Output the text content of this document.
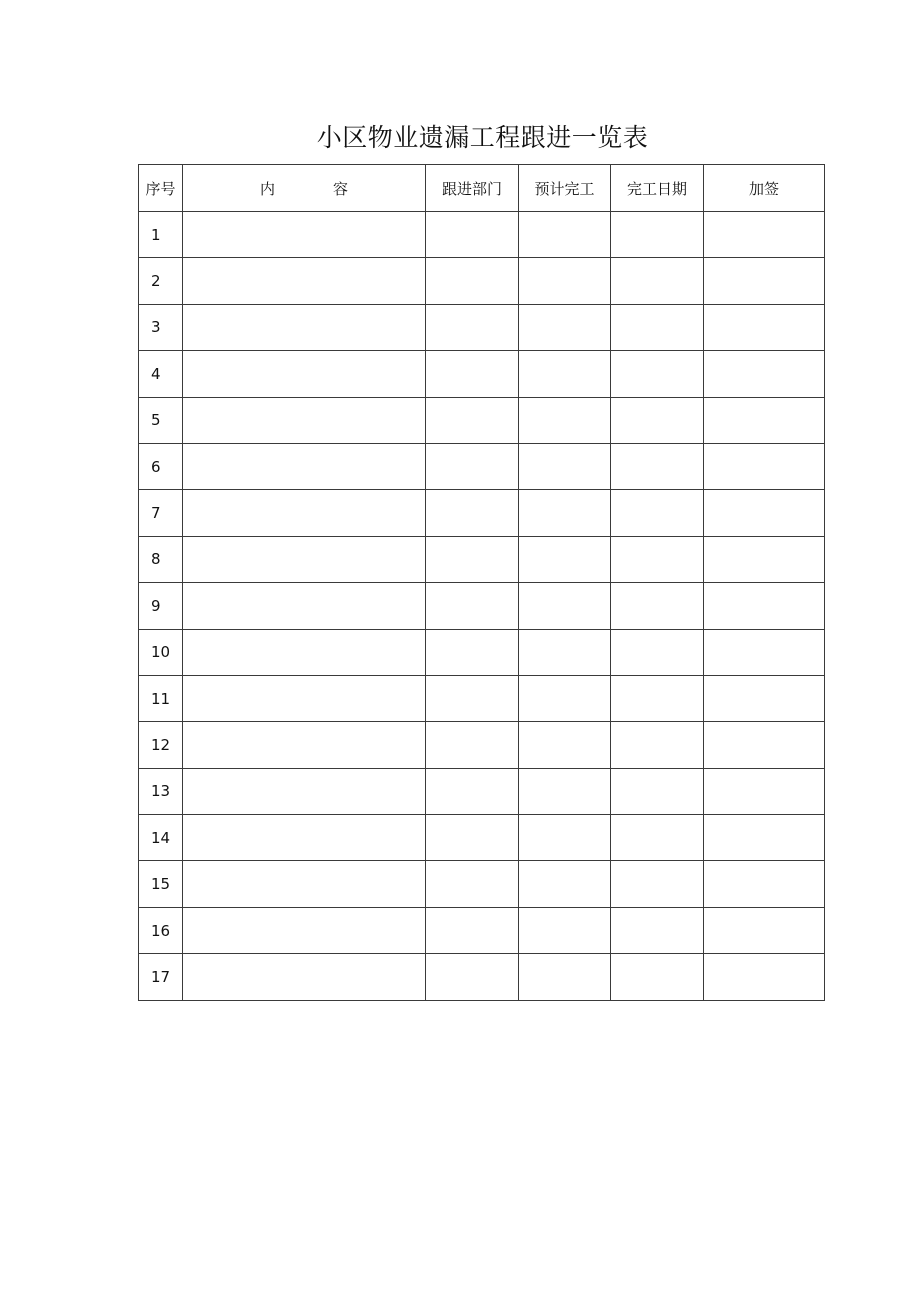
小区物业遗漏工程跟进一览表
序号	内 容	跟进部门	预计完工	完工日期	加签
1					
2					
3					
4					
5					
6					
7					
8					
9					
10					
11					
12					
13					
14					
15					
16					
17					
